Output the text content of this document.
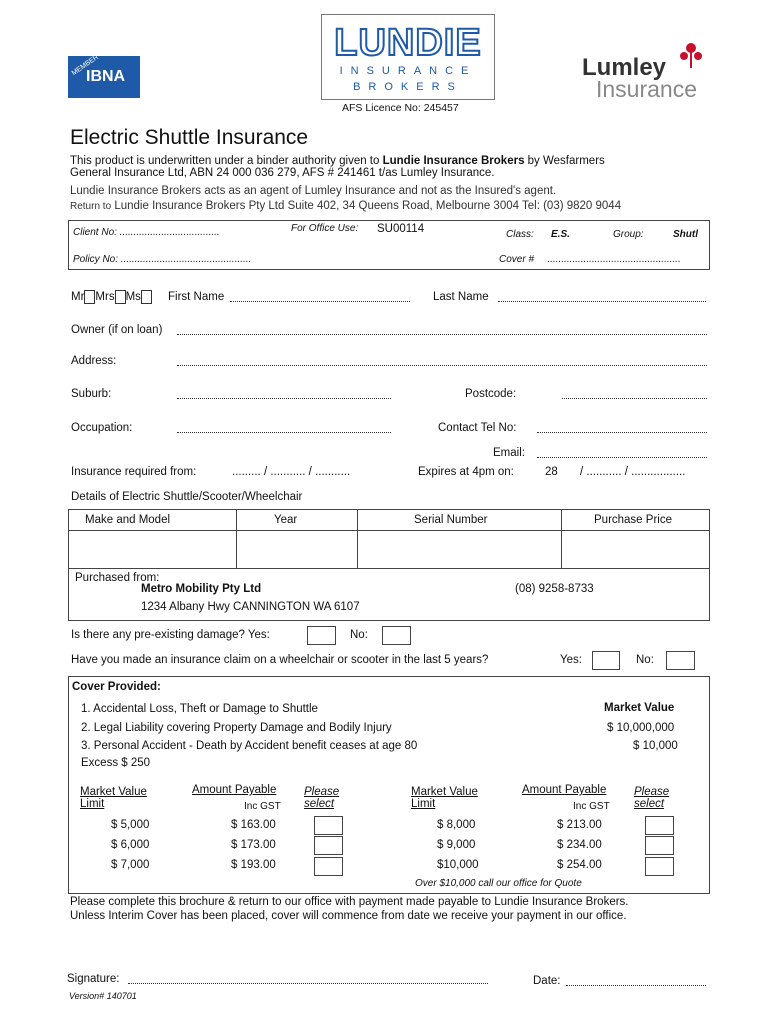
MEMBER
IBNA
LUNDIE
INSURANCE
BROKERS
AFS Licence No: 245457
Lumley
Insurance
Electric Shuttle Insurance
This product is underwritten under a binder authority given to Lundie Insurance Brokers by Wesfarmers
General Insurance Ltd, ABN 24 000 036 279, AFS # 241461 t/as Lumley Insurance.
Lundie Insurance Brokers acts as an agent of Lumley Insurance and not as the Insured's agent.
Return to Lundie Insurance Brokers Pty Ltd Suite 402, 34 Queens Road, Melbourne 3004 Tel: (03) 9820 9044
Client No: ....................................	For Office Use: SU00114	Class: E.S.	Group:	Shutl
Policy No: ...............................................	Cover # ................................................
Mr Mrs Ms	First Name	Last Name
Owner (if on loan)
Address:
Suburb:	Postcode:
Occupation:	Contact Tel No:
Email:
Insurance required from:	......... / ........... / ...........	Expires at 4pm on:	28 / ........... / .................
Details of Electric Shuttle/Scooter/Wheelchair
Make and Model	Year	Serial Number	Purchase Price
Purchased from:
Metro Mobility Pty Ltd	(08) 9258-8733
1234 Albany Hwy CANNINGTON WA 6107
Is there any pre-existing damage? Yes:	No:
Have you made an insurance claim on a wheelchair or scooter in the last 5 years?	Yes:	No:
Cover Provided:
Market Value
1. Accidental Loss, Theft or Damage to Shuttle
2. Legal Liability covering Property Damage and Bodily Injury	$ 10,000,000
3. Personal Accident - Death by Accident benefit ceases at age 80	$ 10,000
Excess $ 250
Market Value
Limit
Amount Payable
Inc GST
Please
select
Market Value
Limit
Amount Payable
Inc GST
Please
select
$ 5,000	$ 163.00
$ 6,000	$ 173.00
$ 7,000	$ 193.00
$ 8,000	$ 213.00
$ 9,000	$ 234.00
$10,000	$ 254.00
Over $10,000 call our office for Quote
Please complete this brochure & return to our office with payment made payable to Lundie Insurance Brokers.
Unless Interim Cover has been placed, cover will commence from date we receive your payment in our office.
Signature:	Date:
Version# 140701
